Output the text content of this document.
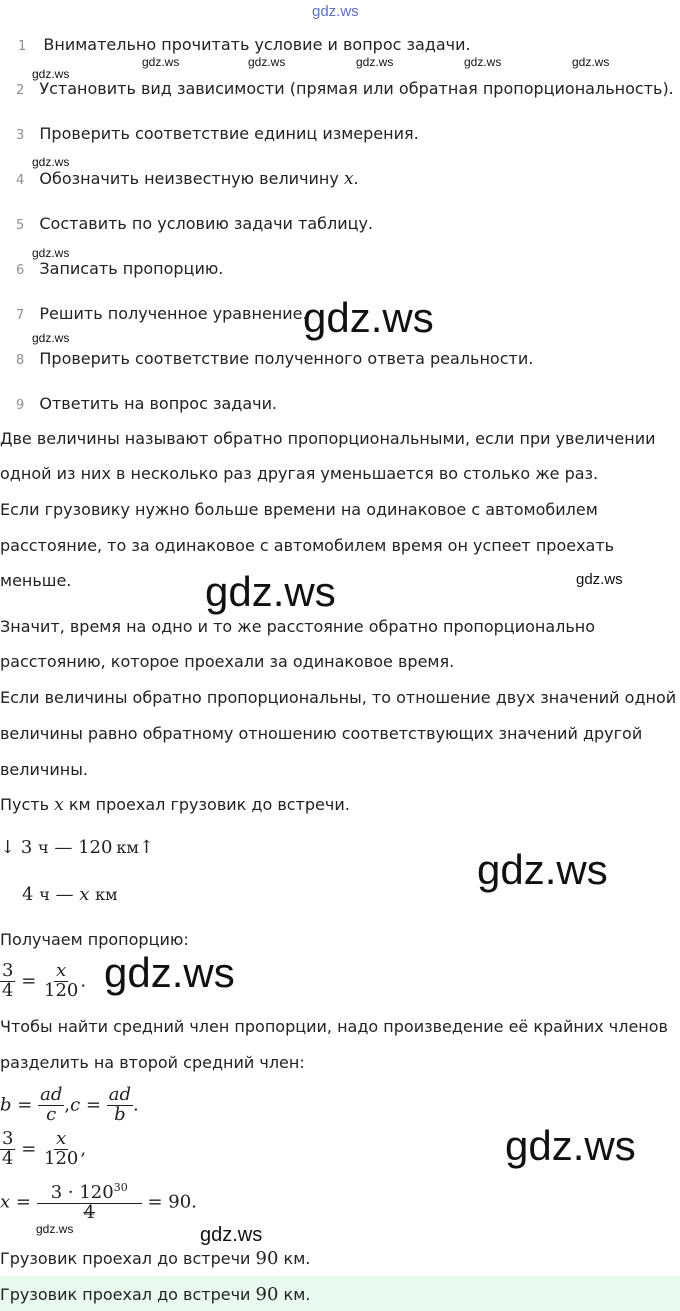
gdz.ws
gdz.ws	gdz.ws	gdz.ws	gdz.ws	gdz.ws
gdz.ws
gdz.ws
gdz.ws
gdz.ws
gdz.ws
gdz.ws	gdz.ws
gdz.ws
gdz.ws
gdz.ws
gdz.ws
gdz.ws
1 Внимательно прочитать условие и вопрос задачи.
2 Установить вид зависимости (прямая или обратная пропорциональность).
3 Проверить соответствие единиц измерения.
4 Обозначить неизвестную величину x.
5 Составить по условию задачи таблицу.
6 Записать пропорцию.
7 Решить полученное уравнение.
8 Проверить соответствие полученного ответа реальности.
9 Ответить на вопрос задачи.
Две величины называют обратно пропорциональными, если при увеличении
одной из них в несколько раз другая уменьшается во столько же раз.
Если грузовику нужно больше времени на одинаковое с автомобилем
расстояние, то за одинаковое с автомобилем время он успеет проехать
меньше.
Значит, время на одно и то же расстояние обратно пропорционально
расстоянию, которое проехали за одинаковое время.
Если величины обратно пропорциональны, то отношение двух значений одной
величины равно обратному отношению соответствующих значений другой
величины.
Пусть x км проехал грузовик до встречи.
↓ 3 ч — 120 км↑
4 ч — x км
Получаем пропорцию:
$\frac{3}{4} = \frac{x}{120}$ .
Чтобы найти средний член пропорции, надо произведение её крайних членов
разделить на второй средний член:
$b = \frac{ad}{c} ,c = \frac{ad}{b}$ .
$\frac{3}{4} = \frac{x}{120}$ ,
$x = \frac{3 \cdot 120^{30}}{4} = 90$.
Грузовик проехал до встречи 90 км.
Грузовик проехал до встречи 90 км.
